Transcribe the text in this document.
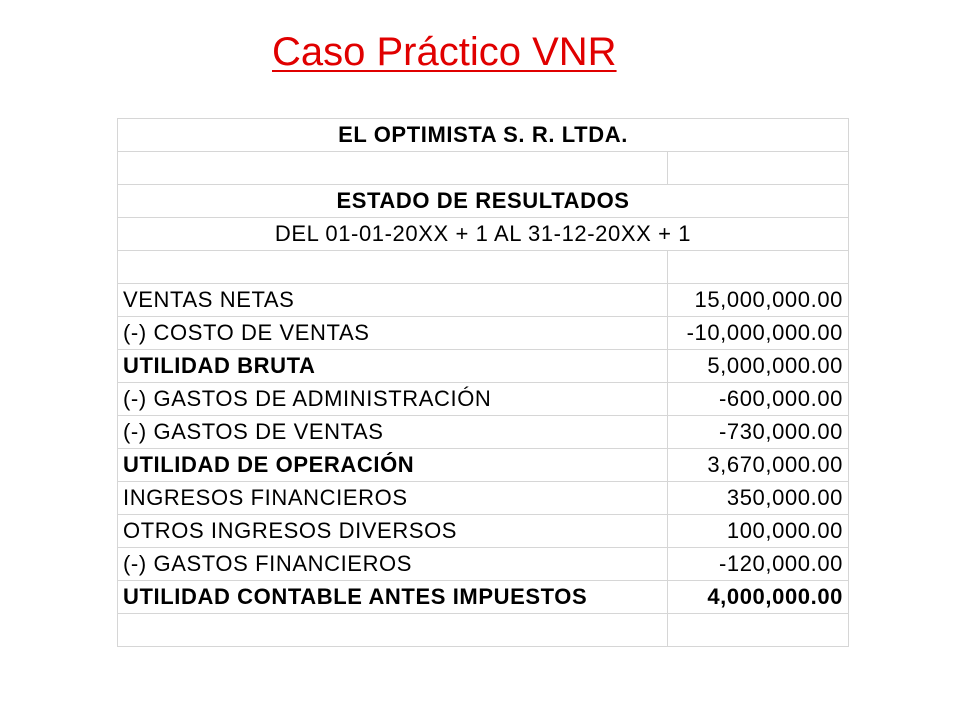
Caso Práctico VNR
EL OPTIMISTA S. R. LTDA.	

ESTADO DE RESULTADOS	
DEL 01-01-20XX + 1 AL 31-12-20XX + 1	

VENTAS NETAS	15,000,000.00
(-) COSTO DE VENTAS	-10,000,000.00
UTILIDAD BRUTA	5,000,000.00
(-) GASTOS DE ADMINISTRACIÓN	-600,000.00
(-) GASTOS DE VENTAS	-730,000.00
UTILIDAD DE OPERACIÓN	3,670,000.00
INGRESOS FINANCIEROS	350,000.00
OTROS INGRESOS DIVERSOS	100,000.00
(-) GASTOS FINANCIEROS	-120,000.00
UTILIDAD CONTABLE ANTES IMPUESTOS	4,000,000.00
